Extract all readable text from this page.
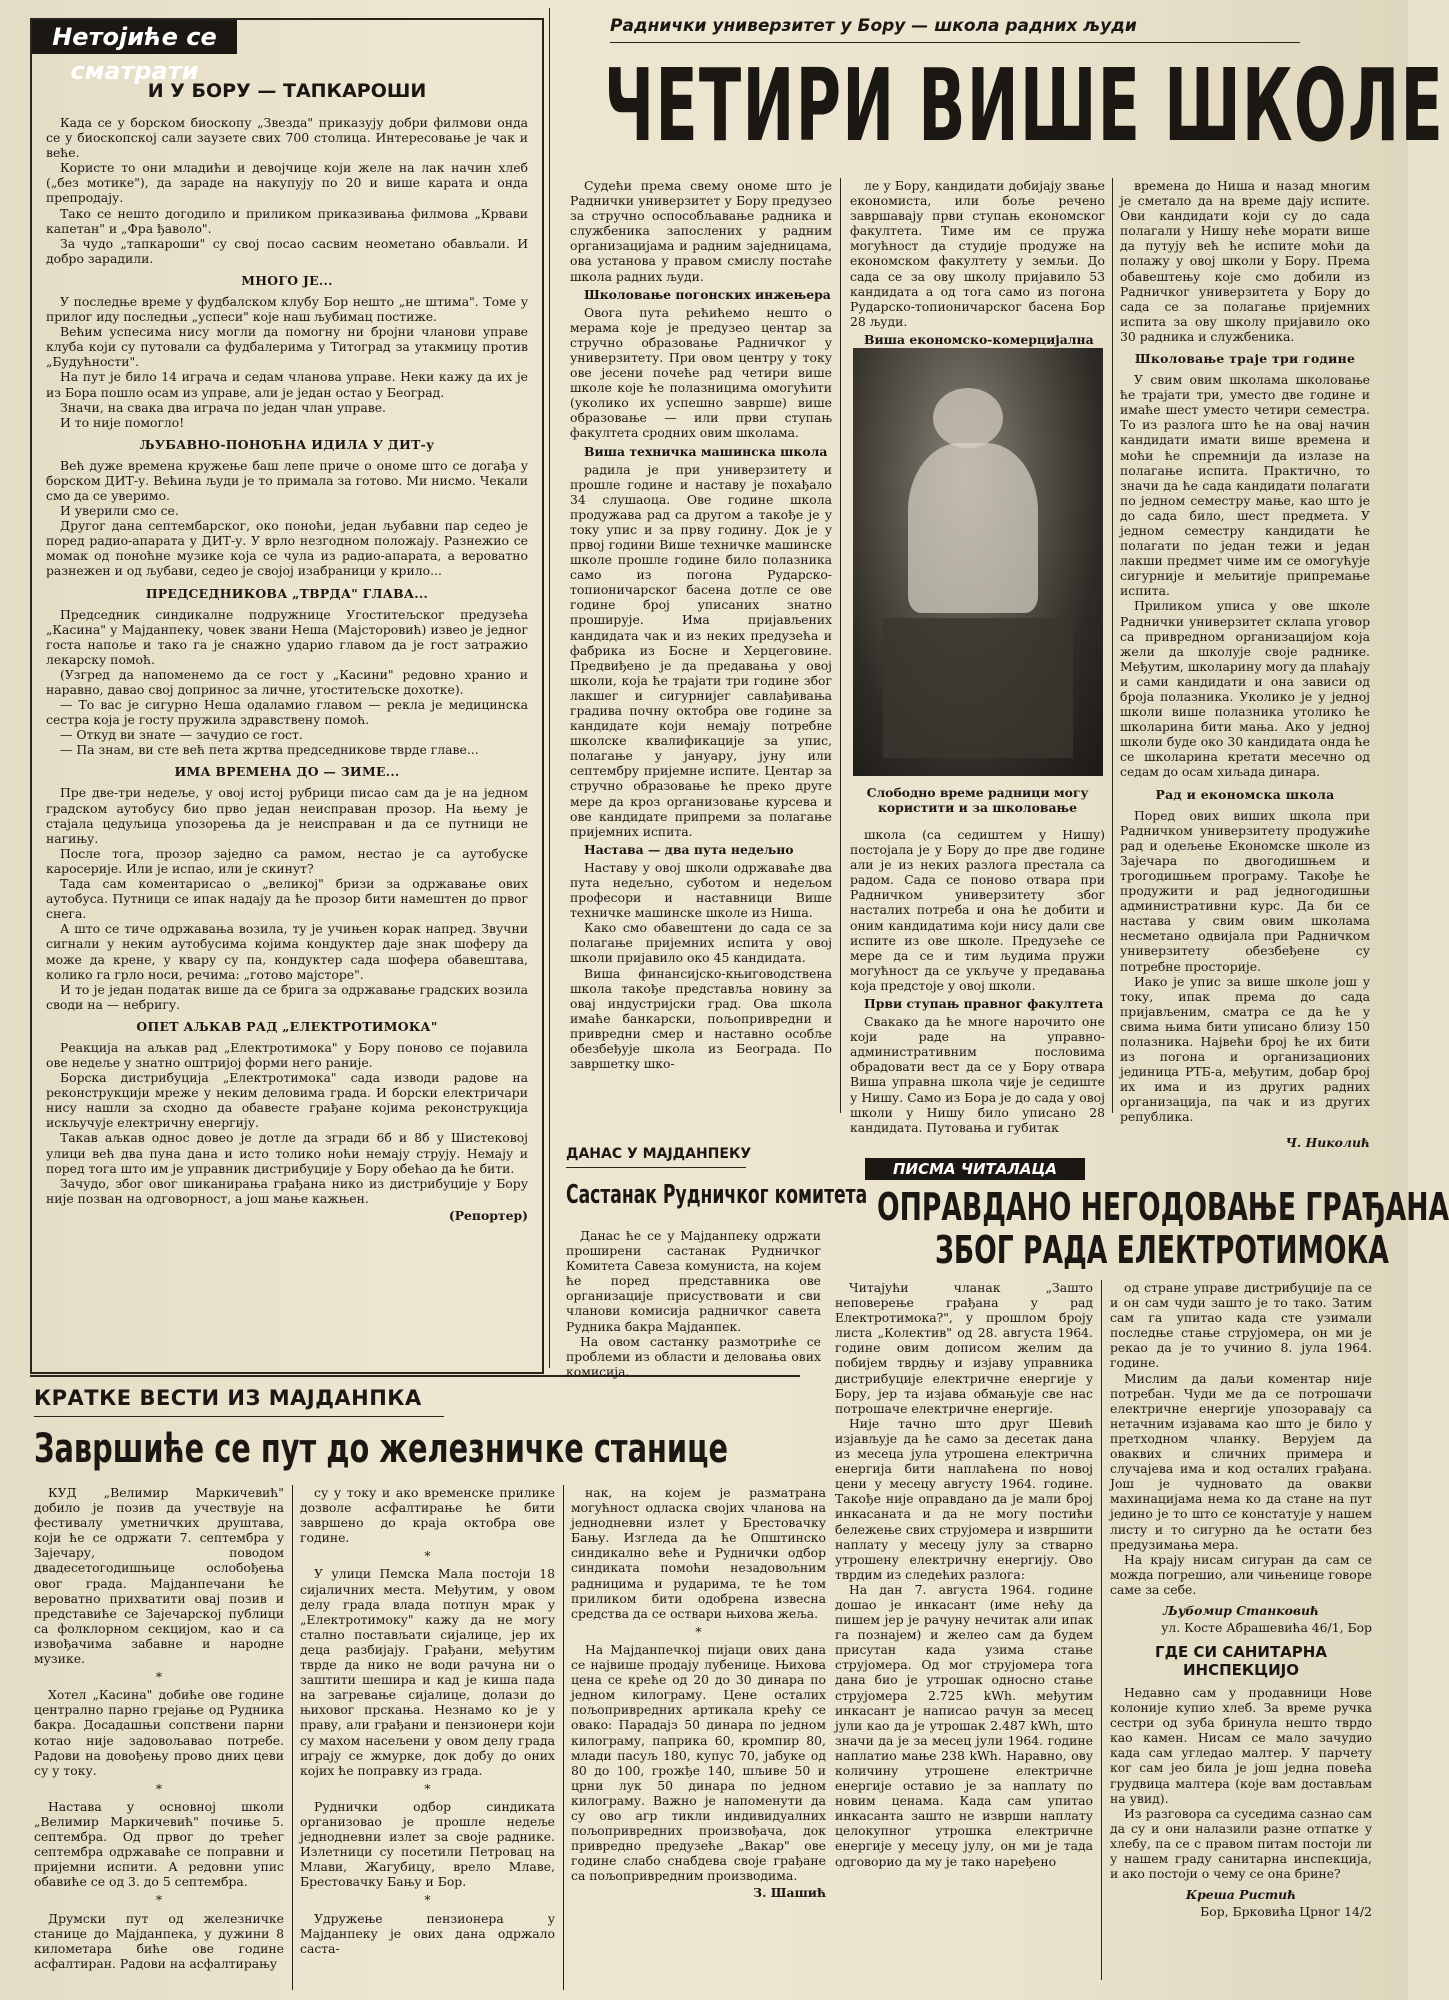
Нетојиће се сматрати
И У БОРУ — ТАПКАРОШИ

Када се у борском биоскопу „Звезда" приказују добри филмови онда се у биоскопској сали заузете свих 700 столица. Интересовање је чак и веће.

Користе то они младићи и девојчице који желе на лак начин хлеб („без мотике"), да зараде на накупују по 20 и више карата и онда препродају.

Тако се нешто догодило и приликом приказивања филмова „Крвави капетан" и „Фра ђаволо".

За чудо „тапкароши" су свој посао сасвим неометано обављали. И добро зарадили.

МНОГО ЈЕ...

У последње време у фудбалском клубу Бор нешто „не штима". Томе у прилог иду последњи „успеси" које наш љубимац постиже.

Већим успесима нису могли да помогну ни бројни чланови управе клуба који су путовали са фудбалерима у Титоград за утакмицу против „Будућности".

На пут је било 14 играча и седам чланова управе. Неки кажу да их је из Бора пошло осам из управе, али је један остао у Београд.

Значи, на свака два играча по један члан управе.

И то није помогло!

ЉУБАВНО-ПОНОЋНА ИДИЛА У ДИТ-у

Већ дуже времена кружење баш лепе приче о ономе што се догађа у борском ДИТ-у. Већина људи је то примала за готово. Ми нисмо. Чекали смо да се уверимо.

И уверили смо се.

Другог дана септембарског, око поноћи, један љубавни пар седео је поред радио-апарата у ДИТ-у. У врло незгодном положају. Разнежио се момак од поноћне музике која се чула из радио-апарата, а вероватно разнежен и од љубави, седео је својој изабраници у крило...

ПРЕДСЕДНИКОВА „ТВРДА" ГЛАВА...

Председник синдикалне подружнице Угоститељског предузећа „Касина" у Мајданпеку, човек звани Неша (Мајсторовић) извео је једног госта напоље и тако га је снажно ударио главом да је гост затражио лекарску помоћ.

(Узгред да напоменемо да се гост у „Касини" редовно хранио и наравно, давао свој допринос за личне, угоститељске дохотке).

— То вас је сигурно Неша одаламио главом — рекла је медицинска сестра која је госту пружила здравствену помоћ.

— Откуд ви знате — зачудио се гост.

— Па знам, ви сте већ пета жртва председникове тврде главе...

ИМА ВРЕМЕНА ДО — ЗИМЕ...

Пре две-три недеље, у овој истој рубрици писао сам да је на једном градском аутобусу био прво један неисправан прозор. На њему је стајала цедуљица упозорења да је неисправан и да се путници не нагињу.

После тога, прозор заједно са рамом, нестао је са аутобуске каросерије. Или је испао, или је скинут?

Тада сам коментарисао о „великој" бризи за одржавање ових аутобуса. Путници се ипак надају да ће прозор бити намештен до првог снега.

А што се тиче одржавања возила, ту је учињен корак напред. Звучни сигнали у неким аутобусима којима кондуктер даје знак шоферу да може да крене, у квару су па, кондуктер сада шофера обавештава, колико га грло носи, речима: „готово мајсторе".

И то је један податак више да се брига за одржавање градских возила своди на — небригу.

ОПЕТ АЉКАВ РАД „ЕЛЕКТРОТИМОКА"

Реакција на аљкав рад „Електротимока" у Бору поново се појавила ове недеље у знатно оштријој форми него раније.

Борска дистрибуција „Електротимока" сада изводи радове на реконструкцији мреже у неким деловима града. И борски електричари нису нашли за сходно да обавесте грађане којима реконструкција искључује електричну енергију.

Такав аљкав однос довео је дотле да згради 6б и 8б у Шистековој улици већ два пуна дана и исто толико ноћи немају струју. Немају и поред тога што им је управник дистрибуције у Бору обећао да ће бити.

Зачудо, због овог шиканирања грађана нико из дистрибуције у Бору није позван на одговорност, а још мање кажњен.

(Репортер)
Раднички универзитет у Бору — школа радних људи
ЧЕТИРИ ВИШЕ ШКОЛЕ

Судећи према свему ономе што је Раднички универзитет у Бору предузео за стручно оспособљавање радника и службеника запослених у радним организацијама и радним заједницама, ова установа у правом смислу постаће школа радних људи.

Школовање погонских инжењера

Овога пута рећићемо нешто о мерама које је предузео центар за стручно образовање Радничког у универзитету. При овом центру у току ове јесени почеће рад четири више школе које ће полазницима омогућити (уколико их успешно заврше) више образовање — или први ступањ факултета сродних овим школама.

Виша техничка машинска школа

радила је при универзитету и прошле године и наставу је похађало 34 слушаоца. Ове године школа продужава рад са другом а такође је у току упис и за прву годину. Док је у првој години Више техничке машинске школе прошле године било полазника само из погона Рударско-топионичарског басена дотле се ове године број уписаних знатно проширује. Има пријављених кандидата чак и из неких предузећа и фабрика из Босне и Херцеговине. Предвиђено је да предавања у овој школи, која ће трајати три године због лакшег и сигурнијег савлађивања градива почну октобра ове године за кандидате који немају потребне школске квалификације за упис, полагање у јануару, јуну или септембру пријемне испите. Центар за стручно образовање ће преко друге мере да кроз организовање курсева и ове кандидате припреми за полагање пријемних испита.

Настава — два пута недељно

Наставу у овој школи одржаваће два пута недељно, суботом и недељом професори и наставници Више техничке машинске школе из Ниша.

Како смо обавештени до сада се за полагање пријемних испита у овој школи пријавило око 45 кандидата.

Виша финансијско-књиговодствена школа такође представља новину за овај индустријски град. Ова школа имаће банкарски, пољопривредни и привредни смер и наставно особље обезбеђује школа из Београда. По завршетку шко-

ле у Бору, кандидати добијају звање економиста, или боље речено завршавају први ступањ економског факултета. Тиме им се пружа могућност да студије продуже на економском факултету у земљи. До сада се за ову школу пријавило 53 кандидата а од тога само из погона Рударско-топионичарског басена Бор 28 људи.

Виша економско-комерцијална
Слободно време радници могу користити и за школовање

школа (са седиштем у Нишу) постојала је у Бору до пре две године али је из неких разлога престала са радом. Сада се поново отвара при Радничком универзитету због насталих потреба и она ће добити и оним кандидатима који нису дали све испите из ове школе. Предузеће се мере да се и тим људима пружи могућност да се укључе у предавања која предстоје у овој школи.

Први ступањ правног факултета

Свакако да ће многе нарочито оне који раде на управно-административним пословима обрадовати вест да се у Бору отвара Виша управна школа чије је седиште у Нишу. Само из Бора је до сада у овој школи у Нишу било уписано 28 кандидата. Путовања и губитак

времена до Ниша и назад многим је сметало да на време дају испите. Ови кандидати који су до сада полагали у Нишу неће морати више да путују већ ће испите моћи да полажу у овој школи у Бору. Према обавештењу које смо добили из Радничког универзитета у Бору до сада се за полагање пријемних испита за ову школу пријавило око 30 радника и службеника.

Школовање траје три године

У свим овим школама школовање ће трајати три, уместо две године и имаће шест уместо четири семестра. То из разлога што ће на овај начин кандидати имати више времена и моћи ће спремнији да излазе на полагање испита. Практично, то значи да ће сада кандидати полагати по једном семестру мање, као што је до сада било, шест предмета. У једном семестру кандидати ће полагати по један тежи и један лакши предмет чиме им се омогућује сигурније и мељитије припремање испита.

Приликом уписа у ове школе Раднички универзитет склапа уговор са привредном организацијом која жели да школује своје раднике. Међутим, школарину могу да плаћају и сами кандидати и она зависи од броја полазника. Уколико је у једној школи више полазника утолико ће школарина бити мања. Ако у једној школи буде око 30 кандидата онда ће се школарина кретати месечно од седам до осам хиљада динара.

Рад и економска школа

Поред ових виших школа при Радничком универзитету продужиће рад и одељење Економске школе из Зајечара по двогодишњем и трогодишњем програму. Такође ће продужити и рад једногодишњи административни курс. Да би се настава у свим овим школама несметано одвијала при Радничком универзитету обезбеђене су потребне просторије.

Иако је упис за више школе још у току, ипак према до сада пријављеним, сматра се да ће у свима њима бити уписано близу 150 полазника. Највећи број ће их бити из погона и организационих јединица РТБ-а, међутим, добар број их има и из других радних организација, па чак и из других република.

Ч. Николић
ДАНАС У МАЈДАНПЕКУ
Састанак Рудничког комитета

Данас ће се у Мајданпеку одржати проширени састанак Рудничког Комитета Савеза комуниста, на којем ће поред представника ове организације присуствовати и сви чланови комисија радничког савета Рудника бакра Мајданпек.

На овом састанку размотриће се проблеми из области и деловања ових комисија.

ПИСМА ЧИТАЛАЦА
ОПРАВДАНО НЕГОДОВАЊЕ ГРАЂАНА
ЗБОГ РАДА ЕЛЕКТРОТИМОКА

Читајући чланак „Зашто неповерење грађана у рад Електротимока?", у прошлом броју листа „Колектив" од 28. августа 1964. године овим дописом желим да побијем тврдњу и изјаву управника дистрибуције електричне енергије у Бору, јер та изјава обмањује све нас потрошаче електричне енергије.

Није тачно што друг Шевић изјављује да ће само за десетак дана из месеца јула утрошена електрична енергија бити наплаћена по новој цени у месецу августу 1964. године. Такође није оправдано да је мали број инкасаната и да не могу постићи бележење свих струјомера и извршити наплату у месецу јулу за стварно утрошену електричну енергију. Ово тврдим из следећих разлога:

На дан 7. августа 1964. године дошао је инкасант (име нећу да пишем јер је рачуну нечитак али ипак га познајем) и желео сам да будем присутан када узима стање струјомера. Од мог струјомера тога дана био је утрошак односно стање струјомера 2.725 kWh. међутим инкасант је написао рачун за месец јули као да је утрошак 2.487 kWh, што значи да је за месец јули 1964. године наплатио мање 238 kWh. Наравно, ову количину утрошене електричне енергије оставио је за наплату по новим ценама. Када сам упитао инкасанта зашто не изврши наплату целокупног утрошка електричне енергије у месецу јулу, он ми је тада одговорио да му је тако наређено

од стране управе дистрибуције па се и он сам чуди зашто је то тако. Затим сам га упитао када сте узимали последње стање струјомера, он ми је рекао да је то учинио 8. јула 1964. године.

Мислим да даљи коментар није потребан. Чуди ме да се потрошачи електричне енергије упозоравају са нетачним изјавама као што је било у претходном чланку. Верујем да оваквих и сличних примера и случајева има и код осталих грађана. Још је чудновато да овакви махинацијама нема ко да стане на пут једино је то што се констатује у нашем листу и то сигурно да ће остати без предузимања мера.

На крају нисам сигуран да сам се можда погрешио, али чињенице говоре саме за себе.

Љубомир Станковић
ул. Косте Абрашевића 46/1, Бор
ГДЕ СИ САНИТАРНА ИНСПЕКЦИЈО

Недавно сам у продавници Нове колоније купио хлеб. За време ручка сестри од зуба бринула нешто тврдо као камен. Нисам се мало зачудио када сам угледао малтер. У парчету ког сам јео била је још једна повећа грудвица малтера (којe вам достављам на увид).

Из разговора са суседима сазнао сам да су и они налазили разне отпатке у хлебу, па се с правом питам постоји ли у нашем граду санитарна инспекција, и ако постоји о чему се она брине?

Креша Ристић
Бор, Брковића Црног 14/2
КРАТКЕ ВЕСТИ ИЗ МАЈДАНПКА
Завршиће се пут до железничке станице

КУД „Велимир Маркичевић" добило је позив да учествује на фестивалу уметничких друштава, који ће се одржати 7. септембра у Зајечару, поводом двадесетогодишњице ослобођења овог града. Мајданпечани ће вероватно прихватити овај позив и представиће се Зајечарској публици са фолклорном секцијом, као и са извођачима забавне и народне музике.

*

Хотел „Касина" добиће ове године централно парно грејање од Рудника бакра. Досадашњи сопствени парни котао није задовољавао потребе. Радови на довођењу прово дних цеви су у току.

*

Настава у основној школи „Велимир Маркичевић" почиње 5. септембра. Од првог до трећег септембра одржаваће се поправни и пријемни испити. А редовни упис обавиће се од 3. до 5 септембра.

*

Друмски пут од железничке станице до Мајданпека, у дужини 8 километара биће ове године асфалтиран. Радови на асфалтирању

су у току и ако временске прилике дозволе асфалтирање ће бити завршено до краја октобра ове године.

*

У улици Пемска Мала постоји 18 сијаличних места. Међутим, у овом делу града влада потпун мрак у „Електротимоку" кажу да не могу стално постављати сијалице, јер их деца разбијају. Грађани, међутим тврде да нико не води рачуна ни о заштити шешира и кад је кишa пада на загревање сијалице, долази до њиховог прскања. Незнамо ко је у праву, али грађани и пензионери који су махом насељени у овом делу града играју се жмурке, док добу до оних којих ће поправку из града.

*

Руднички одбор синдиката организовао је прошле недеље једнодневни излет за своје раднике. Излетници су посетили Петровац на Млави, Жагубицу, врело Млаве, Брестовачку Бању и Бор.

*

Удружење пензионера у Мајданпеку је ових дана одржало саста-

нак, на којем је разматрана могућност одласка својих чланова на једнодневни излет у Брестовачку Бању. Изгледа да ће Општинско синдикално веће и Руднички одбор синдиката помоћи незадовољним радницима и рударима, те ће том приликом бити одобрена извесна средства да се оствари њихова жеља.

*

На Мајданпечкој пијаци ових дана се највише продају лубенице. Њихова цена се креће од 20 до 30 динара по једном килограму. Цене осталих пољопривредних артикала крећу се овако: Парадајз 50 динара по једном килограму, паприка 60, кромпир 80, млади пасуљ 180, купус 70, јабуке од 80 до 100, грожђе 140, шљиве 50 и црни лук 50 динара по једном килограму. Важно је напоменути да су ово агр тикли индивидуалних пољопривредних произвођача, док привредно предузеће „Вакар" ове године слабо снабдева своје грађане са пољопривредним производима.

З. Шашић
